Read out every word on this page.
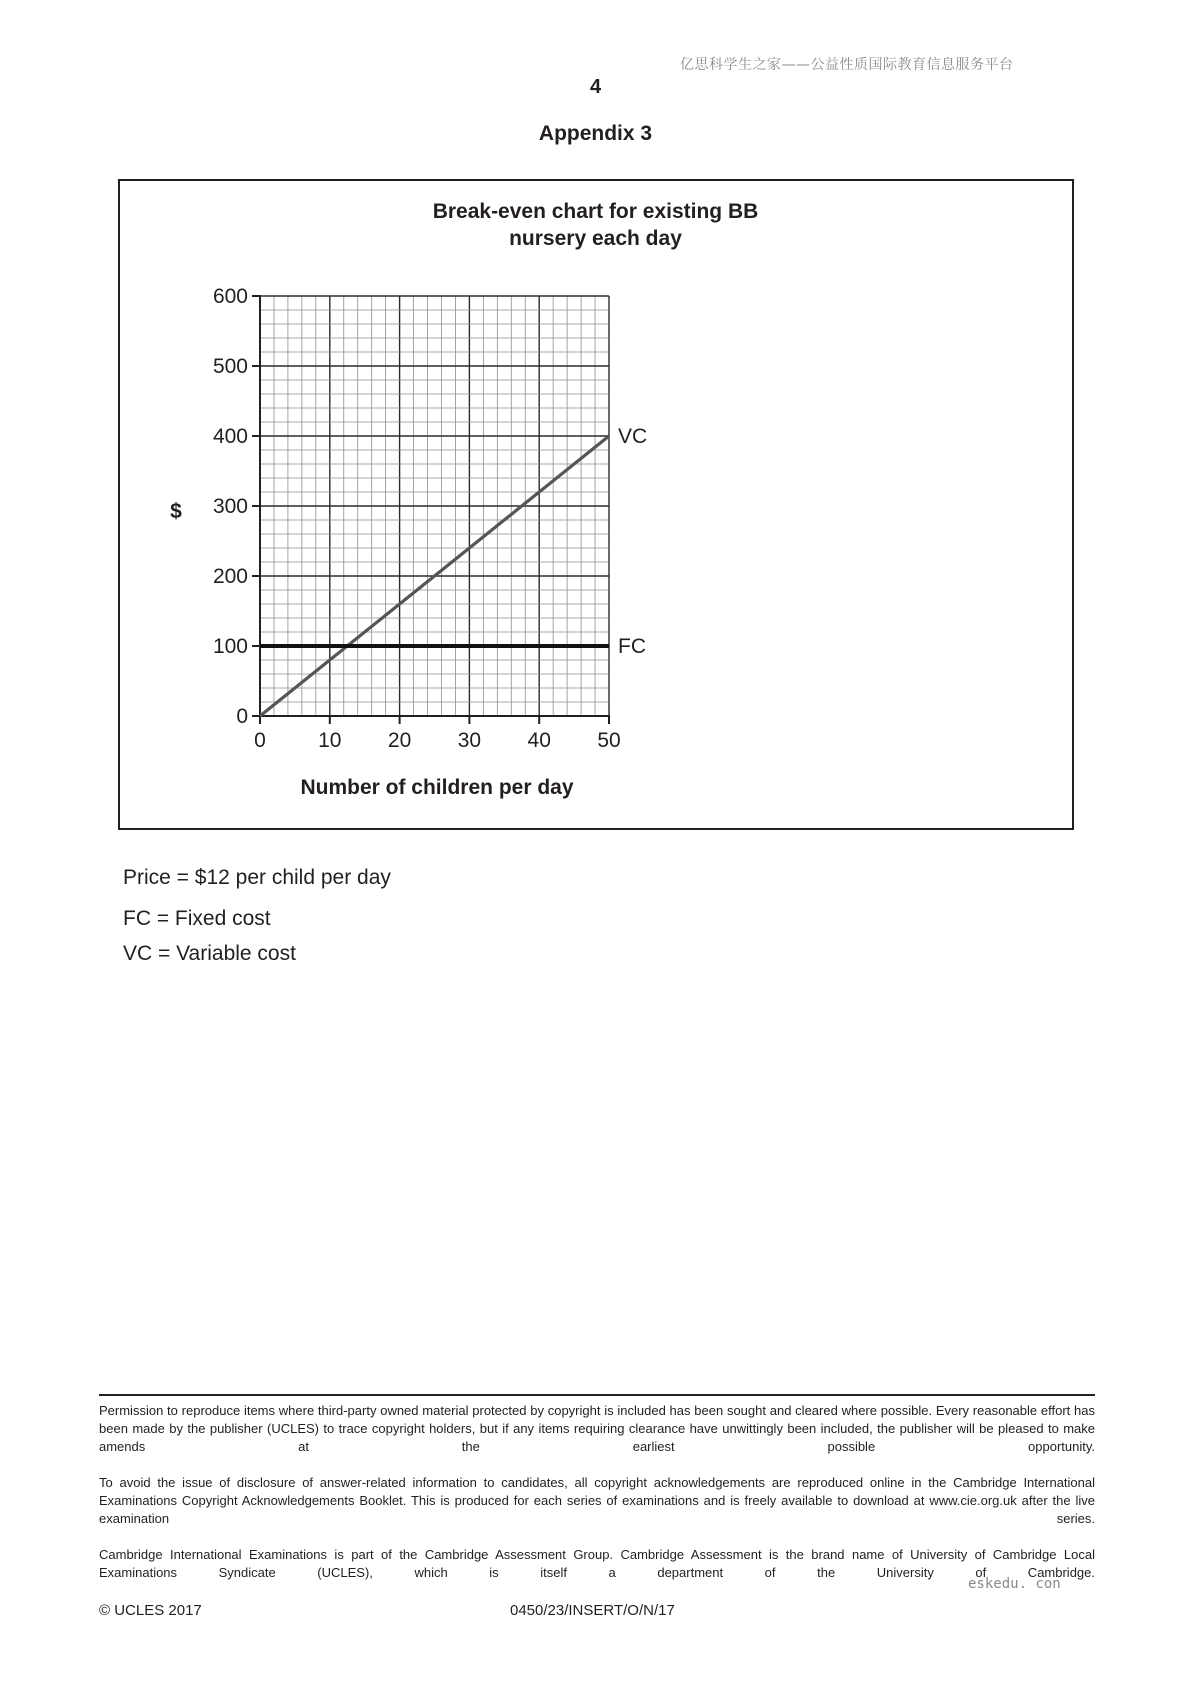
亿思科学生之家——公益性质国际教育信息服务平台
4
Appendix 3
Break-even chart for existing BB
nursery each day
0
100
200
300
400
500
600
0 10 20 30 40 50
VC
FC
$
Number of children per day
Price = $12 per child per day
FC = Fixed cost
VC = Variable cost
Permission to reproduce items where third-party owned material protected by copyright is included has been sought and cleared where possible. Every reasonable effort has been made by the publisher (UCLES) to trace copyright holders, but if any items requiring clearance have unwittingly been included, the publisher will be pleased to make amends at the earliest possible opportunity.
To avoid the issue of disclosure of answer-related information to candidates, all copyright acknowledgements are reproduced online in the Cambridge International Examinations Copyright Acknowledgements Booklet. This is produced for each series of examinations and is freely available to download at www.cie.org.uk after the live examination series.
Cambridge International Examinations is part of the Cambridge Assessment Group. Cambridge Assessment is the brand name of University of Cambridge Local Examinations Syndicate (UCLES), which is itself a department of the University of Cambridge.
eskedu. con
© UCLES 2017	0450/23/INSERT/O/N/17
